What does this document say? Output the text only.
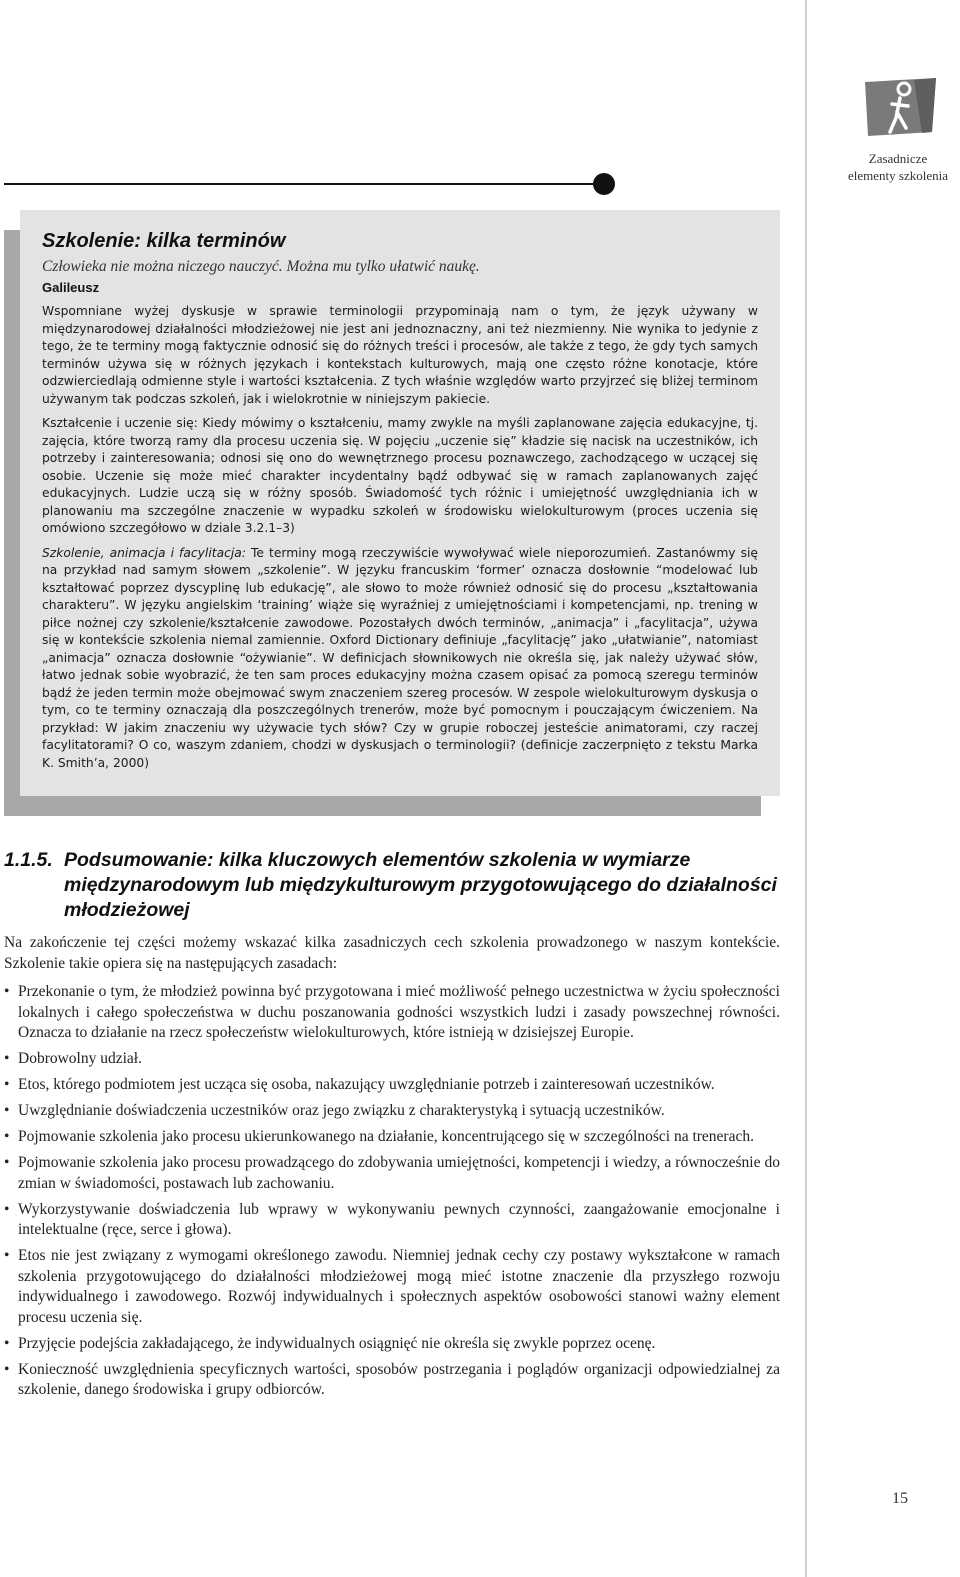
Zasadnicze
elementy szkolenia
Szkolenie: kilka terminów
Człowieka nie można niczego nauczyć. Można mu tylko ułatwić naukę.
Galileusz

Wspomniane wyżej dyskusje w sprawie terminologii przypominają nam o tym, że język używany w międzynarodowej działalności młodzieżowej nie jest ani jednoznaczny, ani też niezmienny. Nie wynika to jedynie z tego, że te terminy mogą faktycznie odnosić się do różnych treści i procesów, ale także z tego, że gdy tych samych terminów używa się w różnych językach i kontekstach kulturowych, mają one często różne konotacje, które odzwierciedlają odmienne style i wartości kształcenia. Z tych właśnie względów warto przyjrzeć się bliżej terminom używanym tak podczas szkoleń, jak i wielokrotnie w niniejszym pakiecie.

Kształcenie i uczenie się: Kiedy mówimy o kształceniu, mamy zwykle na myśli zaplanowane zajęcia edukacyjne, tj. zajęcia, które tworzą ramy dla procesu uczenia się. W pojęciu „uczenie się” kładzie się nacisk na uczestników, ich potrzeby i zainteresowania; odnosi się ono do wewnętrznego procesu poznawczego, zachodzącego w uczącej się osobie. Uczenie się może mieć charakter incydentalny bądź odbywać się w ramach zaplanowanych zajęć edukacyjnych. Ludzie uczą się w różny sposób. Świadomość tych różnic i umiejętność uwzględniania ich w planowaniu ma szczególne znaczenie w wypadku szkoleń w środowisku wielokulturowym (proces uczenia się omówiono szczegółowo w dziale 3.2.1–3)

Szkolenie, animacja i facylitacja: Te terminy mogą rzeczywiście wywoływać wiele nieporozumień. Zastanówmy się na przykład nad samym słowem „szkolenie”. W języku francuskim ‘former’ oznacza dosłownie “modelować lub kształtować poprzez dyscyplinę lub edukację”, ale słowo to może również odnosić się do procesu „kształtowania charakteru”. W języku angielskim ‘training’ wiąże się wyraźniej z umiejętnościami i kompetencjami, np. trening w piłce nożnej czy szkolenie/kształcenie zawodowe. Pozostałych dwóch terminów, „animacja” i „facylitacja”, używa się w kontekście szkolenia niemal zamiennie. Oxford Dictionary definiuje „facylitację” jako „ułatwianie”, natomiast „animacja” oznacza dosłownie “ożywianie”. W definicjach słownikowych nie określa się, jak należy używać słów, łatwo jednak sobie wyobrazić, że ten sam proces edukacyjny można czasem opisać za pomocą szeregu terminów bądź że jeden termin może obejmować swym znaczeniem szereg procesów. W zespole wielokulturowym dyskusja o tym, co te terminy oznaczają dla poszczególnych trenerów, może być pomocnym i pouczającym ćwiczeniem. Na przykład: W jakim znaczeniu wy używacie tych słów? Czy w grupie roboczej jesteście animatorami, czy raczej facylitatorami? O co, waszym zdaniem, chodzi w dyskusjach o terminologii? (definicje zaczerpnięto z tekstu Marka K. Smith’a, 2000)

1.1.5. Podsumowanie: kilka kluczowych elementów szkolenia w wymiarze międzynarodowym lub międzykulturowym przygotowującego do działalności młodzieżowej

Na zakończenie tej części możemy wskazać kilka zasadniczych cech szkolenia prowadzonego w naszym kontekście. Szkolenie takie opiera się na następujących zasadach:

• Przekonanie o tym, że młodzież powinna być przygotowana i mieć możliwość pełnego uczestnictwa w życiu społeczności lokalnych i całego społeczeństwa w duchu poszanowania godności wszystkich ludzi i zasady powszechnej równości. Oznacza to działanie na rzecz społeczeństw wielokulturowych, które istnieją w dzisiejszej Europie.
• Dobrowolny udział.
• Etos, którego podmiotem jest ucząca się osoba, nakazujący uwzględnianie potrzeb i zainteresowań uczestników.
• Uwzględnianie doświadczenia uczestników oraz jego związku z charakterystyką i sytuacją uczestników.
• Pojmowanie szkolenia jako procesu ukierunkowanego na działanie, koncentrującego się w szczególności na trenerach.
• Pojmowanie szkolenia jako procesu prowadzącego do zdobywania umiejętności, kompetencji i wiedzy, a równocześnie do zmian w świadomości, postawach lub zachowaniu.
• Wykorzystywanie doświadczenia lub wprawy w wykonywaniu pewnych czynności, zaangażowanie emocjonalne i intelektualne (ręce, serce i głowa).
• Etos nie jest związany z wymogami określonego zawodu. Niemniej jednak cechy czy postawy wykształcone w ramach szkolenia przygotowującego do działalności młodzieżowej mogą mieć istotne znaczenie dla przyszłego rozwoju indywidualnego i zawodowego. Rozwój indywidualnych i społecznych aspektów osobowości stanowi ważny element procesu uczenia się.
• Przyjęcie podejścia zakładającego, że indywidualnych osiągnięć nie określa się zwykle poprzez ocenę.
• Konieczność uwzględnienia specyficznych wartości, sposobów postrzegania i poglądów organizacji odpowiedzialnej za szkolenie, danego środowiska i grupy odbiorców.
15
